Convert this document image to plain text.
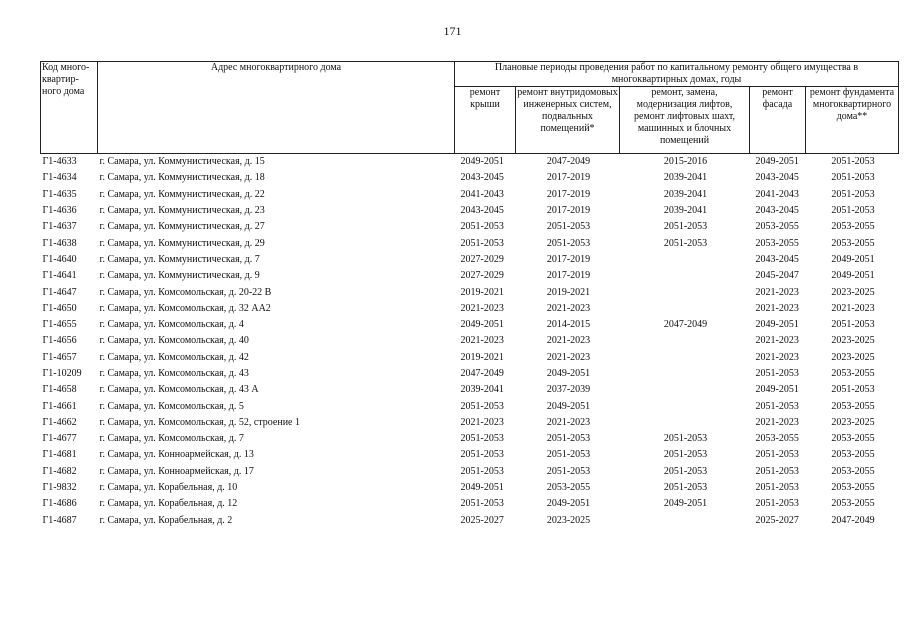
171
Код много-квартир-ного дома	Адрес многоквартирного дома	Плановые периоды проведения работ по капитальному ремонту общего имущества в многоквартирных домах, годы				
		ремонт крыши	ремонт внутридомовых инженерных систем, подвальных помещений*	ремонт, замена, модернизация лифтов, ремонт лифтовых шахт, машинных и блочных помещений	ремонт фасада	ремонт фундамента многоквартирного дома**
Г1-4633	г. Самара, ул. Коммунистическая, д. 15	2049-2051	2047-2049	2015-2016	2049-2051	2051-2053
Г1-4634	г. Самара, ул. Коммунистическая, д. 18	2043-2045	2017-2019	2039-2041	2043-2045	2051-2053
Г1-4635	г. Самара, ул. Коммунистическая, д. 22	2041-2043	2017-2019	2039-2041	2041-2043	2051-2053
Г1-4636	г. Самара, ул. Коммунистическая, д. 23	2043-2045	2017-2019	2039-2041	2043-2045	2051-2053
Г1-4637	г. Самара, ул. Коммунистическая, д. 27	2051-2053	2051-2053	2051-2053	2053-2055	2053-2055
Г1-4638	г. Самара, ул. Коммунистическая, д. 29	2051-2053	2051-2053	2051-2053	2053-2055	2053-2055
Г1-4640	г. Самара, ул. Коммунистическая, д. 7	2027-2029	2017-2019		2043-2045	2049-2051
Г1-4641	г. Самара, ул. Коммунистическая, д. 9	2027-2029	2017-2019		2045-2047	2049-2051
Г1-4647	г. Самара, ул. Комсомольская, д. 20-22 В	2019-2021	2019-2021		2021-2023	2023-2025
Г1-4650	г. Самара, ул. Комсомольская, д. 32 АА2	2021-2023	2021-2023		2021-2023	2021-2023
Г1-4655	г. Самара, ул. Комсомольская, д. 4	2049-2051	2014-2015	2047-2049	2049-2051	2051-2053
Г1-4656	г. Самара, ул. Комсомольская, д. 40	2021-2023	2021-2023		2021-2023	2023-2025
Г1-4657	г. Самара, ул. Комсомольская, д. 42	2019-2021	2021-2023		2021-2023	2023-2025
Г1-10209	г. Самара, ул. Комсомольская, д. 43	2047-2049	2049-2051		2051-2053	2053-2055
Г1-4658	г. Самара, ул. Комсомольская, д. 43 А	2039-2041	2037-2039		2049-2051	2051-2053
Г1-4661	г. Самара, ул. Комсомольская, д. 5	2051-2053	2049-2051		2051-2053	2053-2055
Г1-4662	г. Самара, ул. Комсомольская, д. 52, строение 1	2021-2023	2021-2023		2021-2023	2023-2025
Г1-4677	г. Самара, ул. Комсомольская, д. 7	2051-2053	2051-2053	2051-2053	2053-2055	2053-2055
Г1-4681	г. Самара, ул. Конноармейская, д. 13	2051-2053	2051-2053	2051-2053	2051-2053	2053-2055
Г1-4682	г. Самара, ул. Конноармейская, д. 17	2051-2053	2051-2053	2051-2053	2051-2053	2053-2055
Г1-9832	г. Самара, ул. Корабельная, д. 10	2049-2051	2053-2055	2051-2053	2051-2053	2053-2055
Г1-4686	г. Самара, ул. Корабельная, д. 12	2051-2053	2049-2051	2049-2051	2051-2053	2053-2055
Г1-4687	г. Самара, ул. Корабельная, д. 2	2025-2027	2023-2025		2025-2027	2047-2049
